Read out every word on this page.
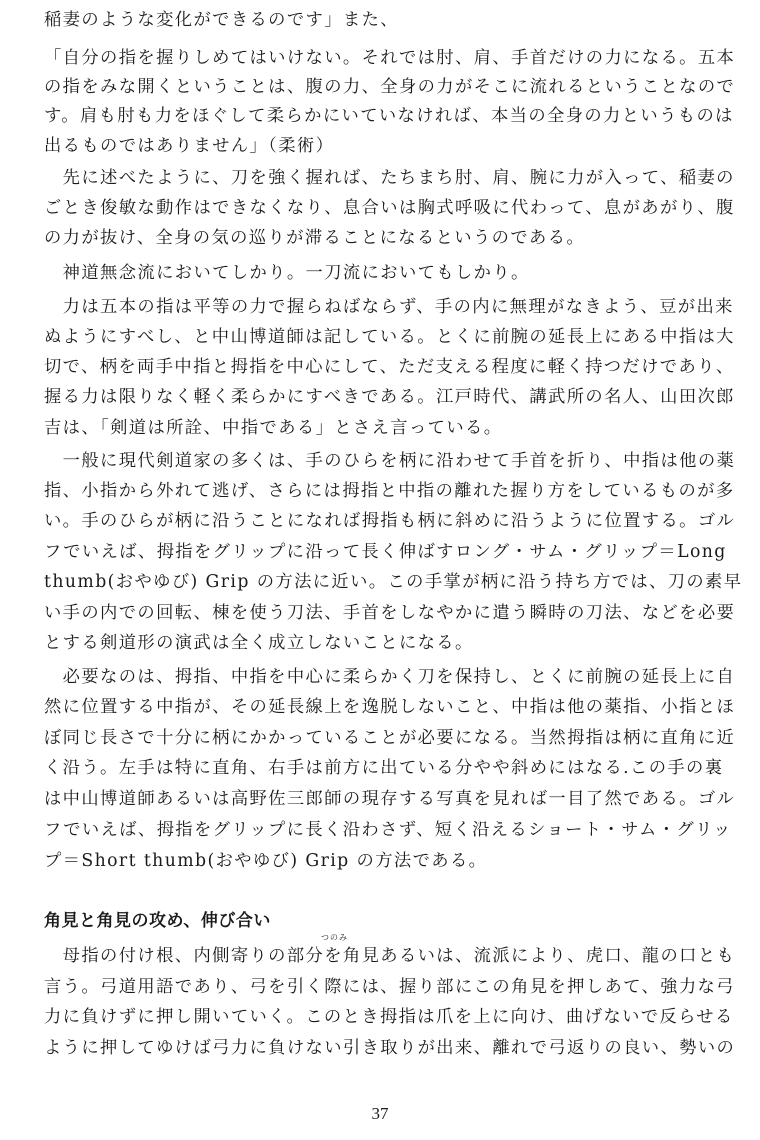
稲妻のような変化ができるのです」また、
「自分の指を握りしめてはいけない。それでは肘、肩、手首だけの力になる。五本
の指をみな開くということは、腹の力、全身の力がそこに流れるということなので
す。肩も肘も力をほぐして柔らかにいていなければ、本当の全身の力というものは
出るものではありません」（柔術）
　先に述べたように、刀を強く握れば、たちまち肘、肩、腕に力が入って、稲妻の
ごとき俊敏な動作はできなくなり、息合いは胸式呼吸に代わって、息があがり、腹
の力が抜け、全身の気の巡りが滞ることになるというのである。
　神道無念流においてしかり。一刀流においてもしかり。
　力は五本の指は平等の力で握らねばならず、手の内に無理がなきよう、豆が出来
ぬようにすべし、と中山博道師は記している。とくに前腕の延長上にある中指は大
切で、柄を両手中指と拇指を中心にして、ただ支える程度に軽く持つだけであり、
握る力は限りなく軽く柔らかにすべきである。江戸時代、講武所の名人、山田次郎
吉は、「剣道は所詮、中指である」とさえ言っている。
　一般に現代剣道家の多くは、手のひらを柄に沿わせて手首を折り、中指は他の薬
指、小指から外れて逃げ、さらには拇指と中指の離れた握り方をしているものが多
い。手のひらが柄に沿うことになれば拇指も柄に斜めに沿うように位置する。ゴル
フでいえば、拇指をグリップに沿って長く伸ばすロング・サム・グリップ＝Long
thumb(おやゆび) Grip の方法に近い。この手掌が柄に沿う持ち方では、刀の素早
い手の内での回転、棟を使う刀法、手首をしなやかに遣う瞬時の刀法、などを必要
とする剣道形の演武は全く成立しないことになる。
　必要なのは、拇指、中指を中心に柔らかく刀を保持し、とくに前腕の延長上に自
然に位置する中指が、その延長線上を逸脱しないこと、中指は他の薬指、小指とほ
ぼ同じ長さで十分に柄にかかっていることが必要になる。当然拇指は柄に直角に近
く沿う。左手は特に直角、右手は前方に出ている分やや斜めにはなる.この手の裏
は中山博道師あるいは高野佐三郎師の現存する写真を見れば一目了然である。ゴル
フでいえば、拇指をグリップに長く沿わさず、短く沿えるショート・サム・グリッ
プ＝Short thumb(おやゆび) Grip の方法である。
角見と角見の攻め、伸び合い
つのみ
　母指の付け根、内側寄りの部分を角見あるいは、流派により、虎口、龍の口とも
言う。弓道用語であり、弓を引く際には、握り部にこの角見を押しあて、強力な弓
力に負けずに押し開いていく。このとき拇指は爪を上に向け、曲げないで反らせる
ように押してゆけば弓力に負けない引き取りが出来、離れで弓返りの良い、勢いの
37
